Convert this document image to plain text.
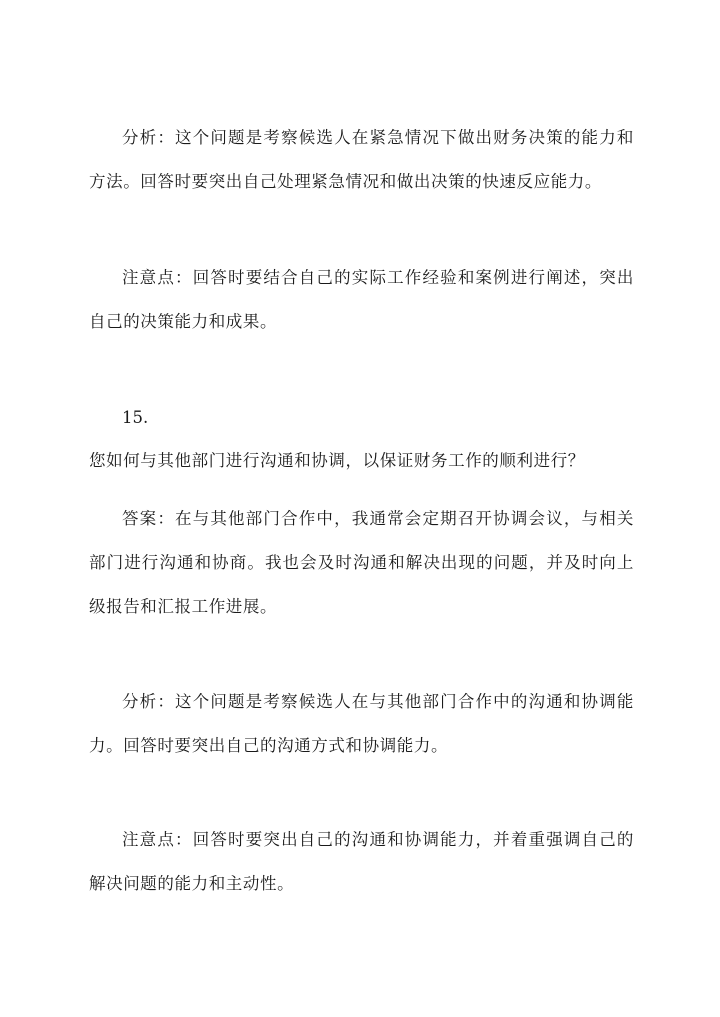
分析：这个问题是考察候选人在紧急情况下做出财务决策的能力和方法。回答时要突出自己处理紧急情况和做出决策的快速反应能力。

注意点：回答时要结合自己的实际工作经验和案例进行阐述，突出自己的决策能力和成果。

15.

您如何与其他部门进行沟通和协调，以保证财务工作的顺利进行？

答案：在与其他部门合作中，我通常会定期召开协调会议，与相关部门进行沟通和协商。我也会及时沟通和解决出现的问题，并及时向上级报告和汇报工作进展。

分析：这个问题是考察候选人在与其他部门合作中的沟通和协调能力。回答时要突出自己的沟通方式和协调能力。

注意点：回答时要突出自己的沟通和协调能力，并着重强调自己的解决问题的能力和主动性。
